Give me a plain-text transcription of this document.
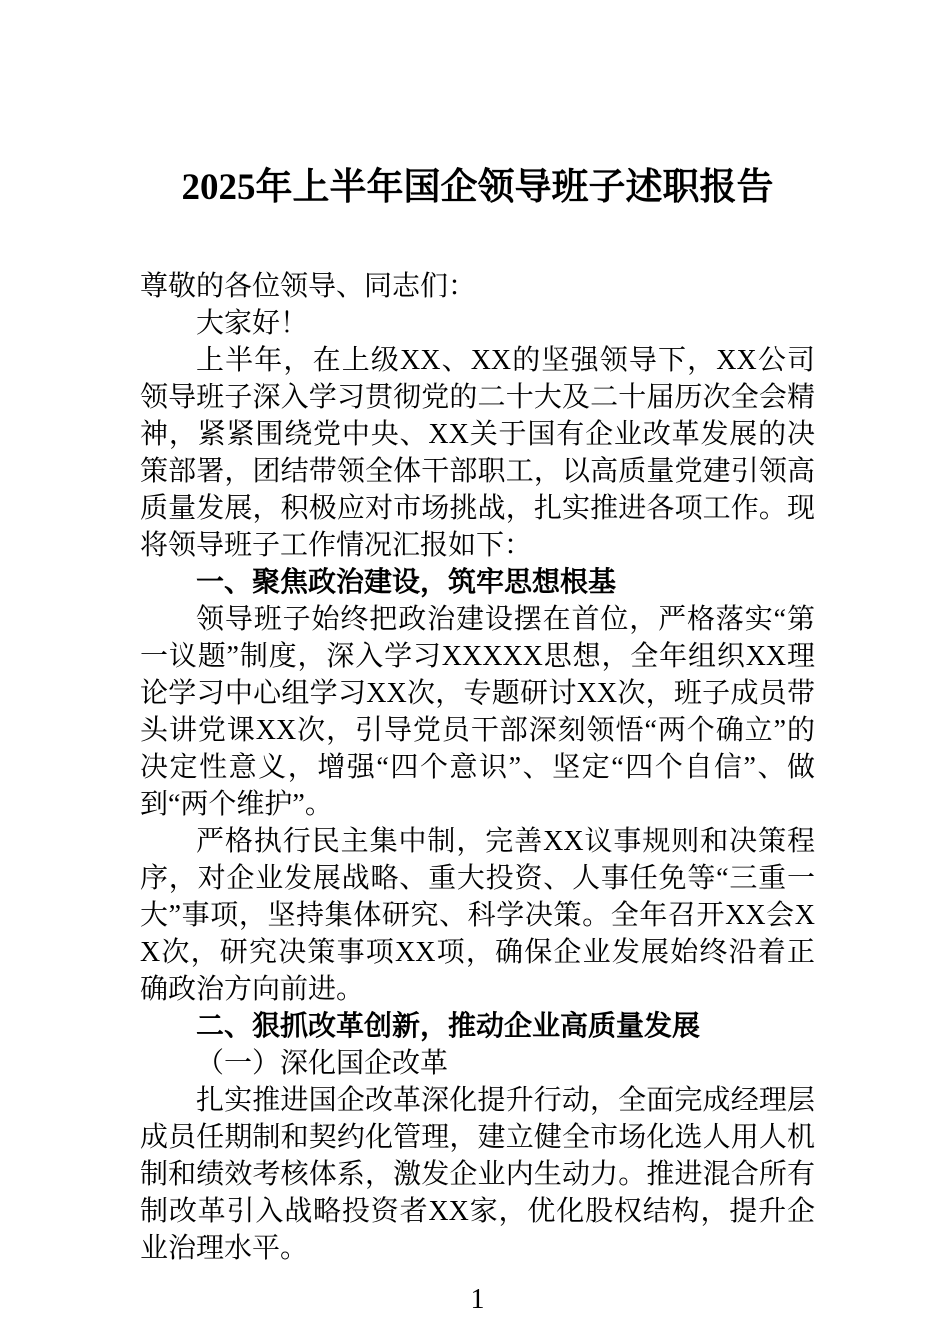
2025年上半年国企领导班子述职报告

尊敬的各位领导、同志们：

大家好！

上半年，在上级XX、XX的坚强领导下，XX公司领导班子深入学习贯彻党的二十大及二十届历次全会精神，紧紧围绕党中央、XX关于国有企业改革发展的决策部署，团结带领全体干部职工，以高质量党建引领高质量发展，积极应对市场挑战，扎实推进各项工作。现将领导班子工作情况汇报如下：

一、聚焦政治建设，筑牢思想根基

领导班子始终把政治建设摆在首位，严格落实“第一议题”制度，深入学习XXXXX思想，全年组织XX理论学习中心组学习XX次，专题研讨XX次，班子成员带头讲党课XX次，引导党员干部深刻领悟“两个确立”的决定性意义，增强“四个意识”、坚定“四个自信”、做到“两个维护”。

严格执行民主集中制，完善XX议事规则和决策程序，对企业发展战略、重大投资、人事任免等“三重一大”事项，坚持集体研究、科学决策。全年召开XX会XX次，研究决策事项XX项，确保企业发展始终沿着正确政治方向前进。

二、狠抓改革创新，推动企业高质量发展

（一）深化国企改革

扎实推进国企改革深化提升行动，全面完成经理层成员任期制和契约化管理，建立健全市场化选人用人机制和绩效考核体系，激发企业内生动力。推进混合所有制改革引入战略投资者XX家，优化股权结构，提升企业治理水平。

1
